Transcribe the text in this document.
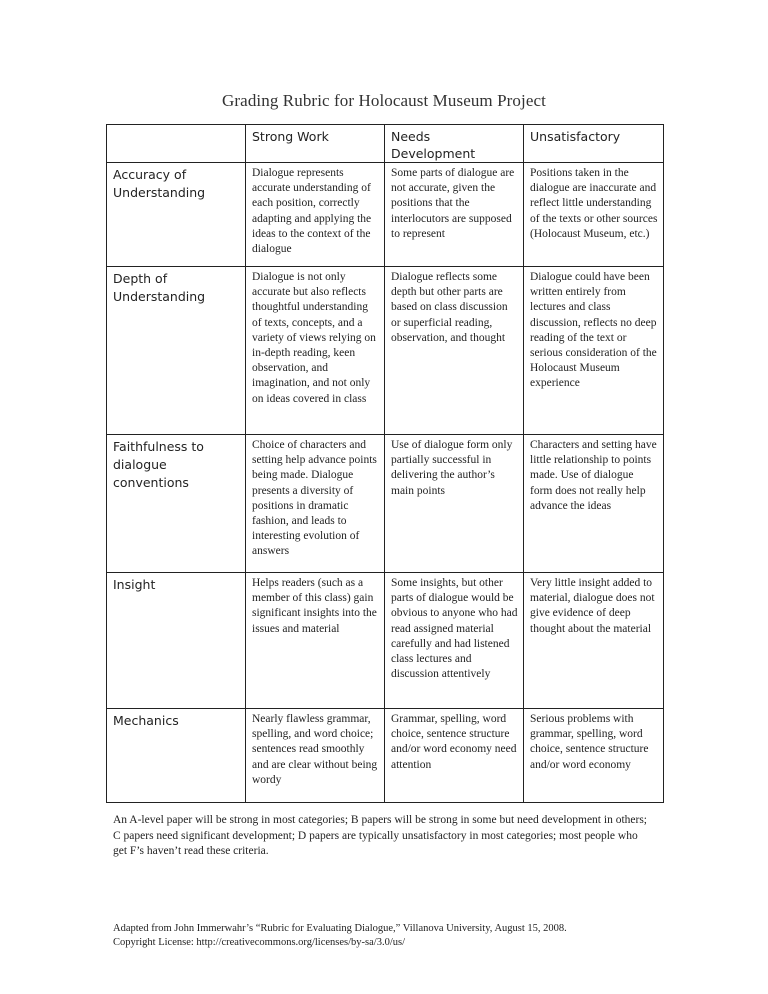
Grading Rubric for Holocaust Museum Project
	Strong Work	Needs Development	Unsatisfactory
Accuracy of Understanding	Dialogue represents accurate understanding of each position, correctly adapting and applying the ideas to the context of the dialogue	Some parts of dialogue are not accurate, given the positions that the interlocutors are supposed to represent	Positions taken in the dialogue are inaccurate and reflect little understanding of the texts or other sources (Holocaust Museum, etc.)
Depth of Understanding	Dialogue is not only accurate but also reflects thoughtful understanding of texts, concepts, and a variety of views relying on in-depth reading, keen observation, and imagination, and not only on ideas covered in class	Dialogue reflects some depth but other parts are based on class discussion or superficial reading, observation, and thought	Dialogue could have been written entirely from lectures and class discussion, reflects no deep reading of the text or serious consideration of the Holocaust Museum experience
Faithfulness to dialogue conventions	Choice of characters and setting help advance points being made. Dialogue presents a diversity of positions in dramatic fashion, and leads to interesting evolution of answers	Use of dialogue form only partially successful in delivering the author’s main points	Characters and setting have little relationship to points made. Use of dialogue form does not really help advance the ideas
Insight	Helps readers (such as a member of this class) gain significant insights into the issues and material	Some insights, but other parts of dialogue would be obvious to anyone who had read assigned material carefully and had listened class lectures and discussion attentively	Very little insight added to material, dialogue does not give evidence of deep thought about the material
Mechanics	Nearly flawless grammar, spelling, and word choice; sentences read smoothly and are clear without being wordy	Grammar, spelling, word choice, sentence structure and/or word economy need attention	Serious problems with grammar, spelling, word choice, sentence structure and/or word economy
An A-level paper will be strong in most categories; B papers will be strong in some but need development in others; C papers need significant development; D papers are typically unsatisfactory in most categories; most people who get F’s haven’t read these criteria.
Adapted from John Immerwahr’s “Rubric for Evaluating Dialogue,” Villanova University, August 15, 2008.
Copyright License: http://creativecommons.org/licenses/by-sa/3.0/us/
